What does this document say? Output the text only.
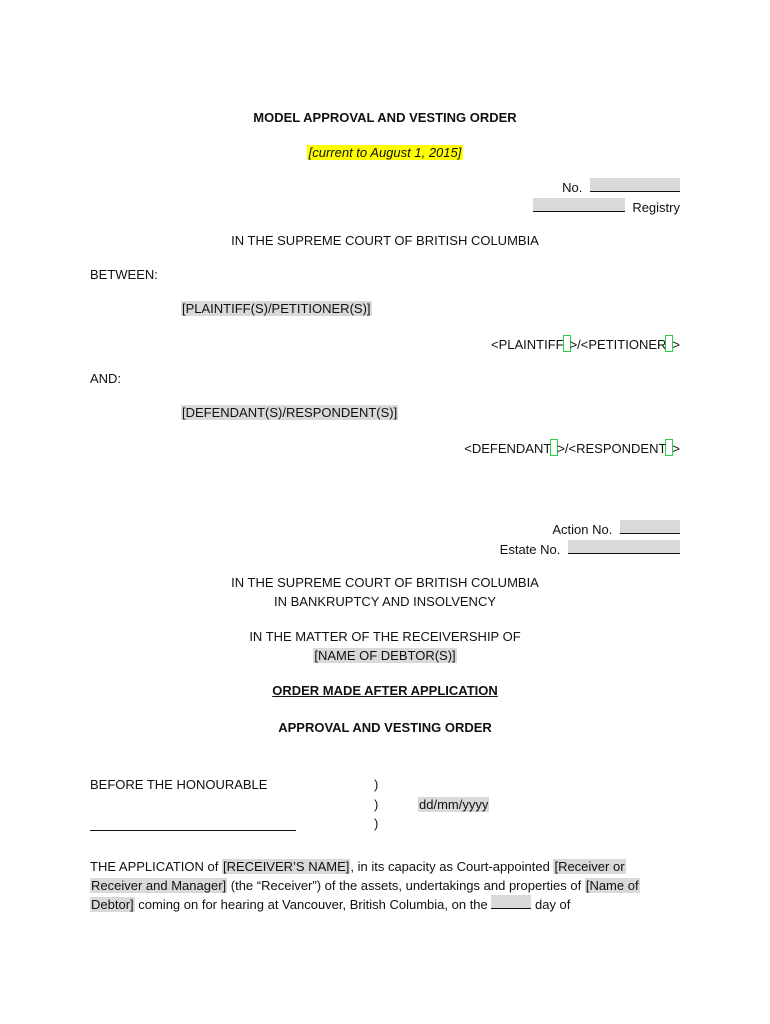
MODEL APPROVAL AND VESTING ORDER
[current to August 1, 2015]
No.
Registry
IN THE SUPREME COURT OF BRITISH COLUMBIA
BETWEEN:
[PLAINTIFF(S)/PETITIONER(S)]
<PLAINTIFF >/<PETITIONER >
AND:
[DEFENDANT(S)/RESPONDENT(S)]
<DEFENDANT >/<RESPONDENT >
Action No.
Estate No.
IN THE SUPREME COURT OF BRITISH COLUMBIA
IN BANKRUPTCY AND INSOLVENCY
IN THE MATTER OF THE RECEIVERSHIP OF
[NAME OF DEBTOR(S)]
ORDER MADE AFTER APPLICATION
APPROVAL AND VESTING ORDER
BEFORE THE HONOURABLE	)
)
)
dd/mm/yyyy
THE APPLICATION of [RECEIVER’S NAME], in its capacity as Court-appointed [Receiver or
Receiver and Manager] (the “Receiver”) of the assets, undertakings and properties of [Name of
Debtor] coming on for hearing at Vancouver, British Columbia, on the	day of
